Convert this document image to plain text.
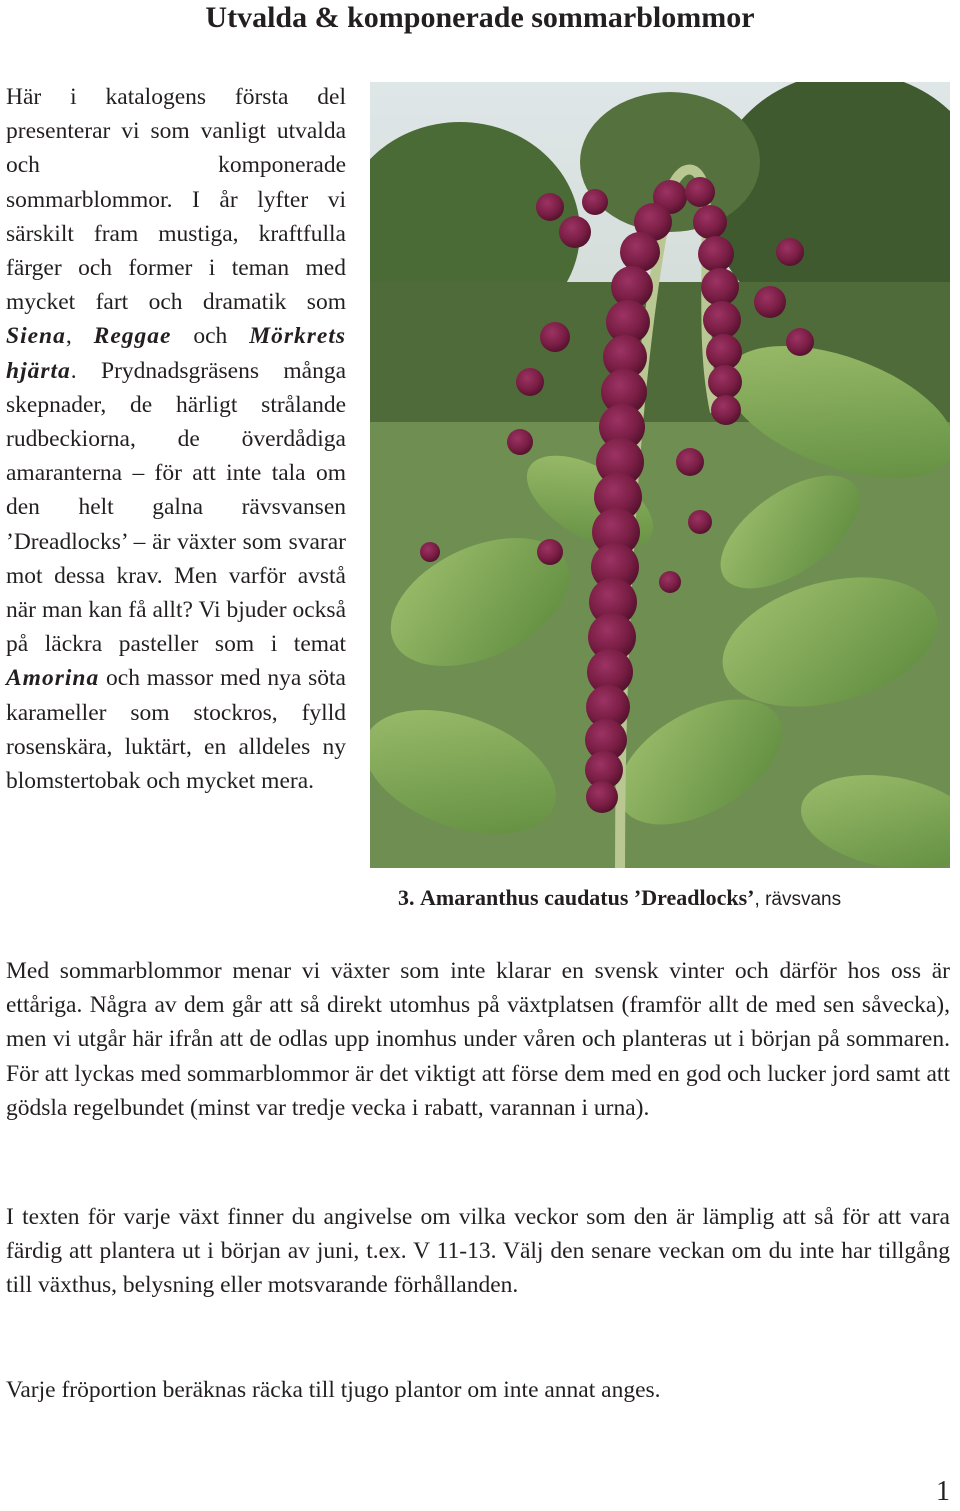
Utvalda & komponerade sommarblommor
Här i katalogens första del presenterar vi som vanligt utvalda och komponerade sommarblommor. I år lyfter vi särskilt fram mustiga, kraftfulla färger och former i teman med mycket fart och dramatik som Siena, Reggae och Mörkrets hjärta. Prydnadsgräsens många skepnader, de härligt strålande rudbeckiorna, de överdådiga amaranterna – för att inte tala om den helt galna rävsvansen ’Dreadlocks’ – är växter som svarar mot dessa krav. Men varför avstå när man kan få allt? Vi bjuder också på läckra pasteller som i temat Amorina och massor med nya söta karameller som stockros, fylld rosenskära, luktärt, en alldeles ny blomstertobak och mycket mera.
3. Amaranthus caudatus ’Dreadlocks’, rävsvans
Med sommarblommor menar vi växter som inte klarar en svensk vinter och därför hos oss är ettåriga. Några av dem går att så direkt utomhus på växtplatsen (framför allt de med sen såvecka), men vi utgår här ifrån att de odlas upp inomhus under våren och planteras ut i början på sommaren. För att lyckas med sommarblommor är det viktigt att förse dem med en god och lucker jord samt att gödsla regelbundet (minst var tredje vecka i rabatt, varannan i urna).
I texten för varje växt finner du angivelse om vilka veckor som den är lämplig att så för att vara färdig att plantera ut i början av juni, t.ex. V 11-13. Välj den senare veckan om du inte har tillgång till växthus, belysning eller motsvarande förhållanden.
Varje fröportion beräknas räcka till tjugo plantor om inte annat anges.
1
